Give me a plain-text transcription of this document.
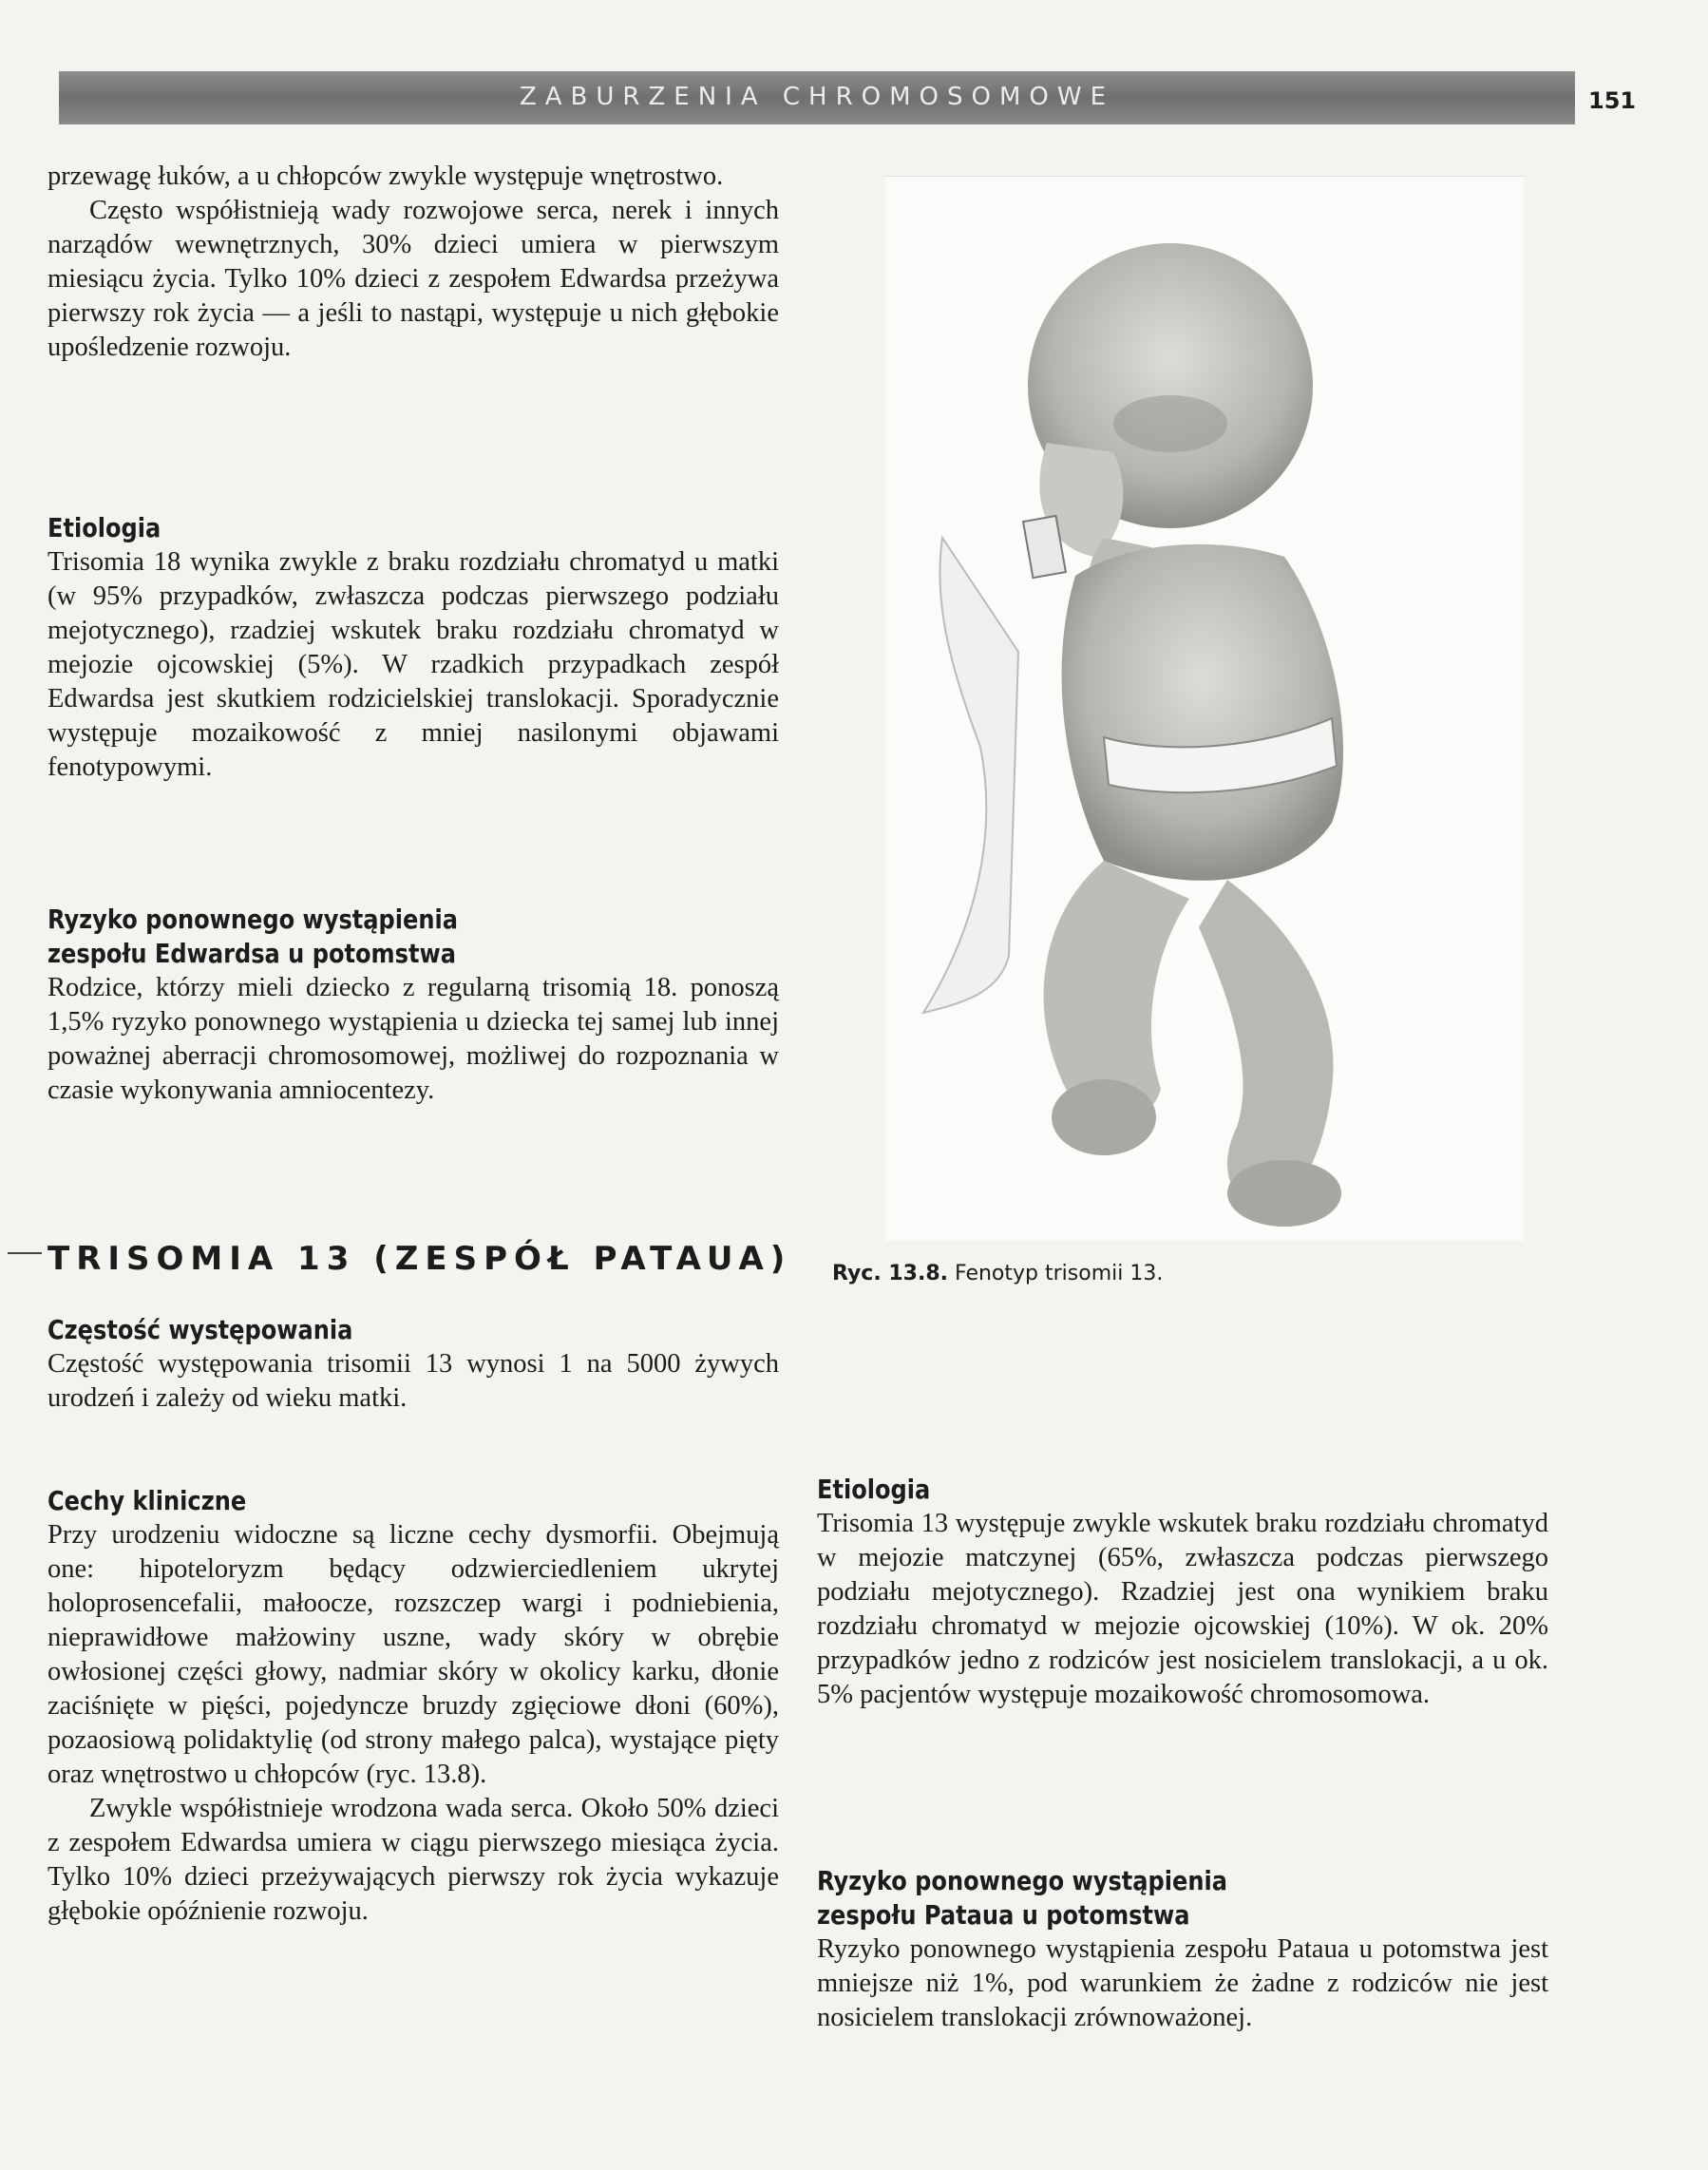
ZABURZENIA CHROMOSOMOWE	151

przewagę łuków, a u chłopców zwykle występuje wnętrostwo.

Często współistnieją wady rozwojowe serca, nerek i innych narządów wewnętrznych, 30% dzieci umiera w pierwszym miesiącu życia. Tylko 10% dzieci z zespołem Edwardsa przeżywa pierwszy rok życia — a jeśli to nastąpi, występuje u nich głębokie upośledzenie rozwoju.

Etiologia

Trisomia 18 wynika zwykle z braku rozdziału chromatyd u matki (w 95% przypadków, zwłaszcza podczas pierwszego podziału mejotycznego), rzadziej wskutek braku rozdziału chromatyd w mejozie ojcowskiej (5%). W rzadkich przypadkach zespół Edwardsa jest skutkiem rodzicielskiej translokacji. Sporadycznie występuje mozaikowość z mniej nasilonymi objawami fenotypowymi.

Ryzyko ponownego wystąpienia
zespołu Edwardsa u potomstwa

Rodzice, którzy mieli dziecko z regularną trisomią 18. ponoszą 1,5% ryzyko ponownego wystąpienia u dziecka tej samej lub innej poważnej aberracji chromosomowej, możliwej do rozpoznania w czasie wykonywania amniocentezy.

TRISOMIA 13 (ZESPÓŁ PATAUA)
Częstość występowania

Częstość występowania trisomii 13 wynosi 1 na 5000 żywych urodzeń i zależy od wieku matki.

Cechy kliniczne

Przy urodzeniu widoczne są liczne cechy dysmorfii. Obejmują one: hipoteloryzm będący odzwierciedleniem ukrytej holoprosencefalii, małoocze, rozszczep wargi i podniebienia, nieprawidłowe małżowiny uszne, wady skóry w obrębie owłosionej części głowy, nadmiar skóry w okolicy karku, dłonie zaciśnięte w pięści, pojedyncze bruzdy zgięciowe dłoni (60%), pozaosiową polidaktylię (od strony małego palca), wystające pięty oraz wnętrostwo u chłopców (ryc. 13.8).

Zwykle współistnieje wrodzona wada serca. Około 50% dzieci z zespołem Edwardsa umiera w ciągu pierwszego miesiąca życia. Tylko 10% dzieci przeżywających pierwszy rok życia wykazuje głębokie opóźnienie rozwoju.

Ryc. 13.8. Fenotyp trisomii 13.
Etiologia

Trisomia 13 występuje zwykle wskutek braku rozdziału chromatyd w mejozie matczynej (65%, zwłaszcza podczas pierwszego podziału mejotycznego). Rzadziej jest ona wynikiem braku rozdziału chromatyd w mejozie ojcowskiej (10%). W ok. 20% przypadków jedno z rodziców jest nosicielem translokacji, a u ok. 5% pacjentów występuje mozaikowość chromosomowa.

Ryzyko ponownego wystąpienia
zespołu Pataua u potomstwa

Ryzyko ponownego wystąpienia zespołu Pataua u potomstwa jest mniejsze niż 1%, pod warunkiem że żadne z rodziców nie jest nosicielem translokacji zrównoważonej.
